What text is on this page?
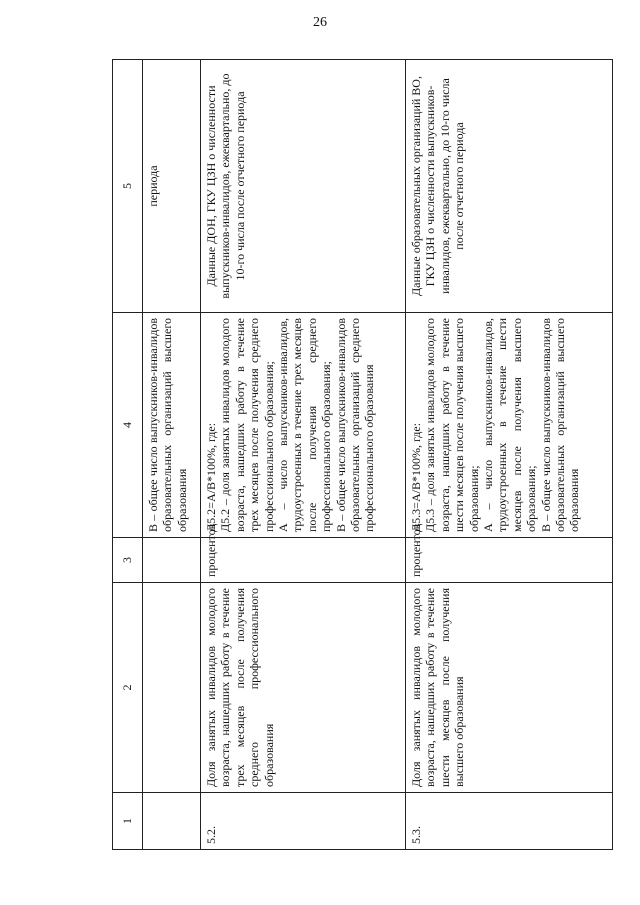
26
1	2	3	4	5
			В – общее число выпускников-инвалидов образовательных организаций высшего образования	периода
5.2.	Доля занятых инвалидов молодого возраста, нашедших работу в течение трех месяцев после получения среднего профессионального образования	процентов	Д5.2=А/В*100%, где: Д5.2 – доля занятых инвалидов молодого возраста, нашедших работу в течение трех месяцев после получения среднего профессионального образования; А – число выпускников-инвалидов, трудоустроенных в течение трех месяцев после получения среднего профессионального образования; В – общее число выпускников-инвалидов образовательных организаций среднего профессионального образования	Данные ДОН, ГКУ ЦЗН о численности выпускников-инвалидов, ежеквартально, до 10-го числа после отчетного периода
5.3.	Доля занятых инвалидов молодого возраста, нашедших работу в течение шести месяцев после получения высшего образования	процентов	Д5.3=А/В*100%, где: Д5.3 – доля занятых инвалидов молодого возраста, нашедших работу в течение шести месяцев после получения высшего образования; А – число выпускников-инвалидов, трудоустроенных в течение шести месяцев после получения высшего образования; В – общее число выпускников-инвалидов образовательных организаций высшего образования	Данные образовательных организаций ВО, ГКУ ЦЗН о численности выпускников-инвалидов, ежеквартально, до 10-го числа после отчетного периода
